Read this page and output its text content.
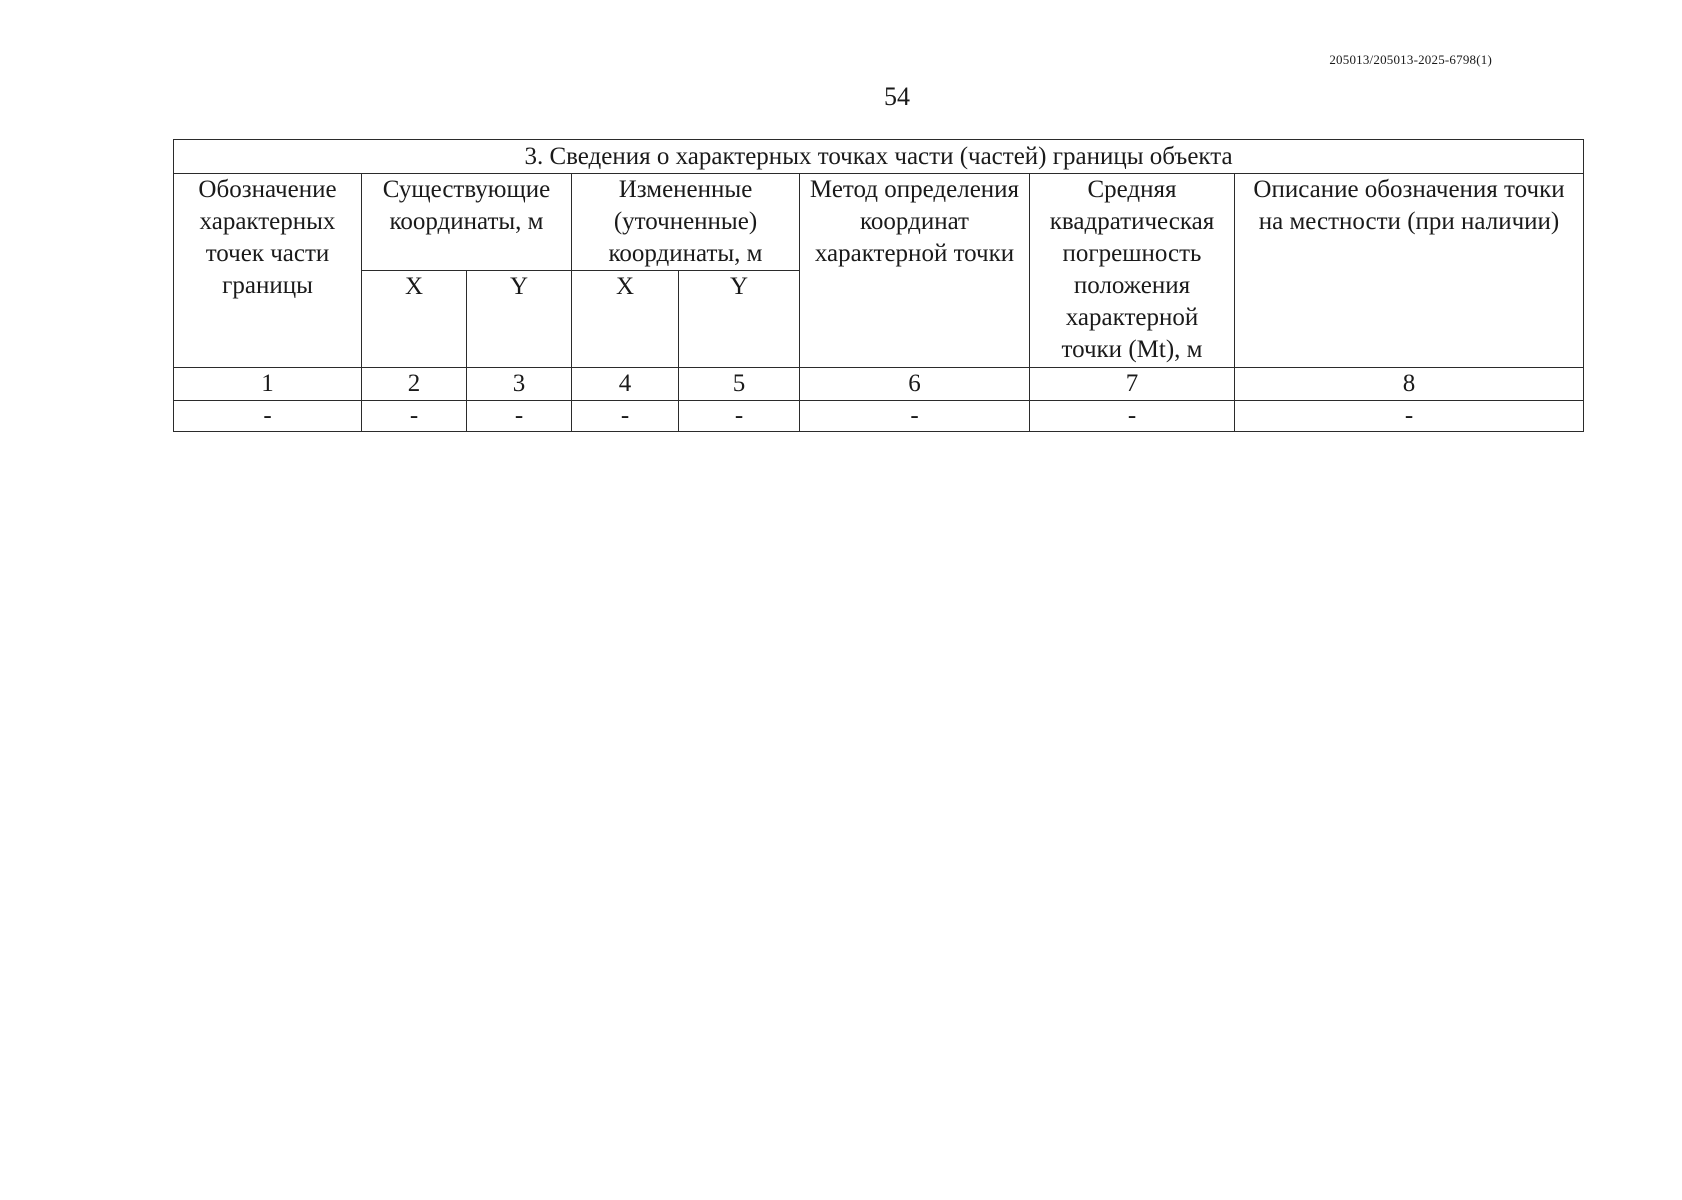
205013/205013-2025-6798(1)
54
3. Сведения о характерных точках части (частей) границы объекта							
Обозначение характерных точек части границы	Существующие координаты, м		Измененные (уточненные) координаты, м		Метод определения координат характерной точки	Средняя квадратическая погрешность положения характерной точки (Mt), м	Описание обозначения точки на местности (при наличии)
	X	Y	X	Y			
1	2	3	4	5	6	7	8
-	-	-	-	-	-	-	-
